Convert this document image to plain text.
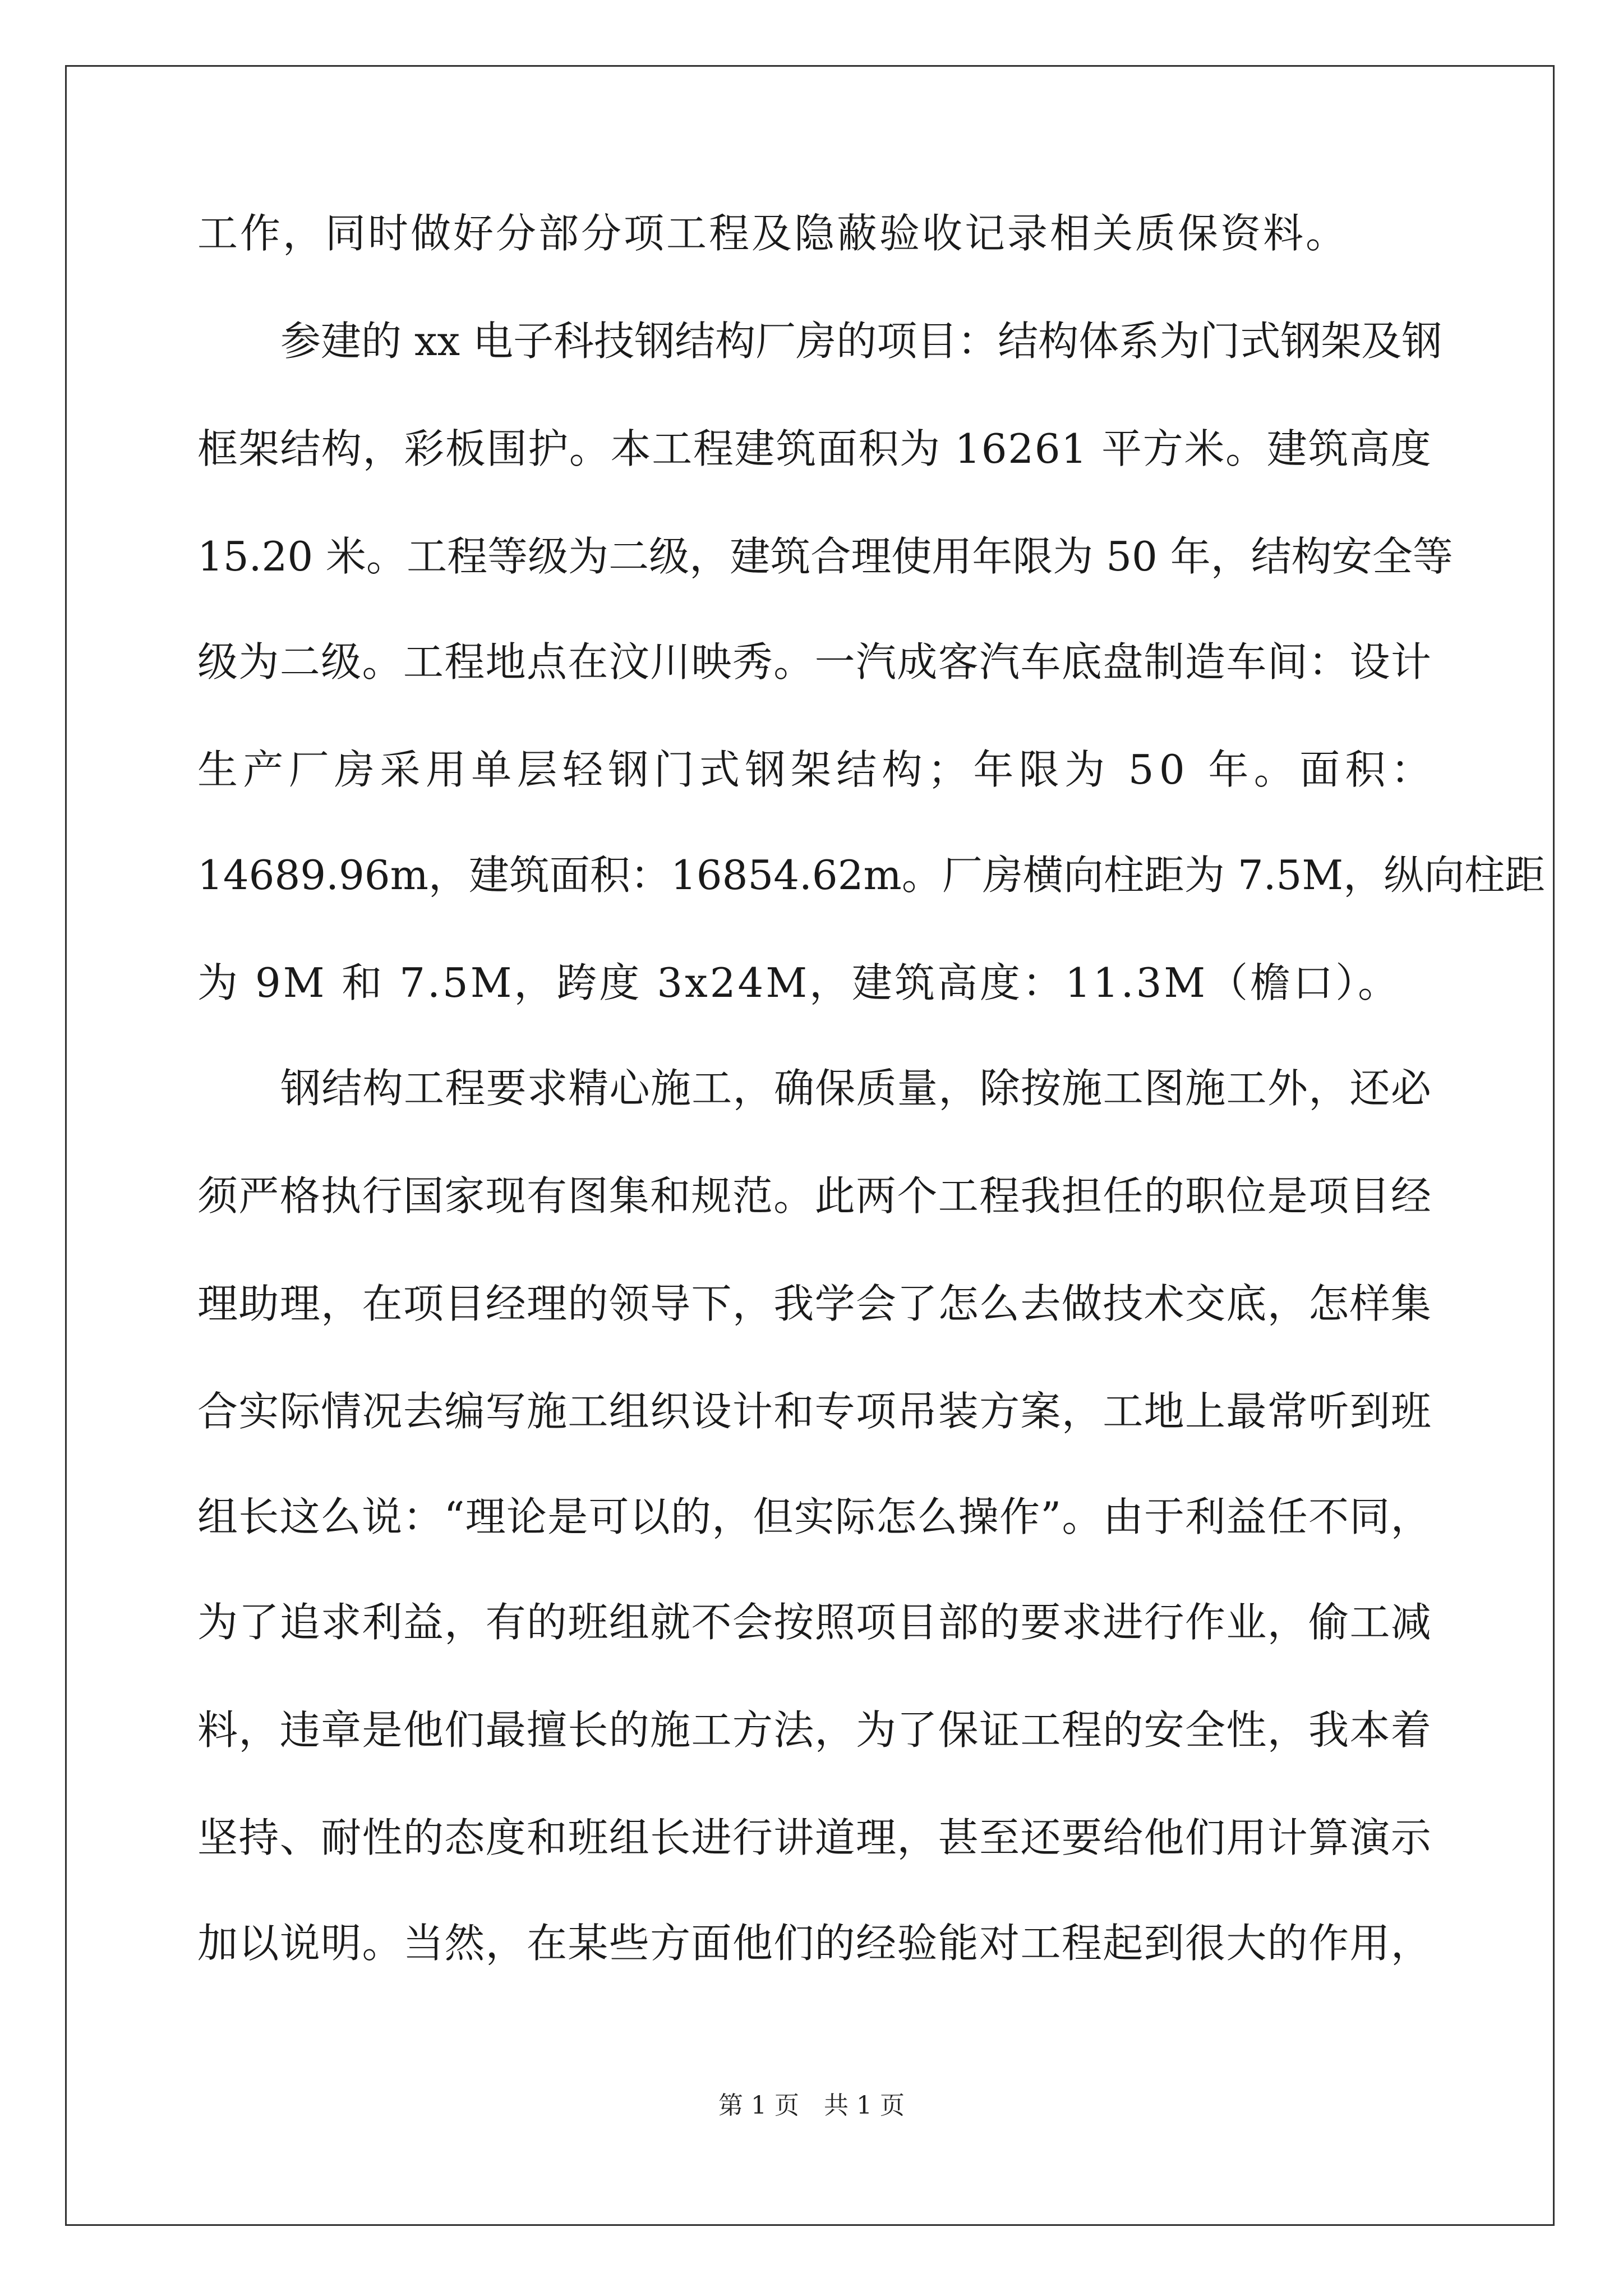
工作，同时做好分部分项工程及隐蔽验收记录相关质保资料。
参 建 的
x x
电 子 科 技 钢 结 构 厂 房 的 项 目 ： 结 构 体 系 为 门 式 钢 架 及 钢
框 架 结 构 ， 彩 板 围 护 。 本 工 程 建 筑 面 积 为
1 6 2 6 1
平 方 米 。 建 筑 高 度
1 5 . 2 0
米 。 工 程 等 级 为 二 级 ， 建 筑 合 理 使 用 年 限 为
5 0
年 ， 结 构 安 全 等
级 为 二 级 。 工 程 地 点 在 汶 川 映 秀 。 一 汽 成 客 汽 车 底 盘 制 造 车 间 ： 设 计
生 产 厂 房 采 用 单 层 轻 钢 门 式 钢 架 结 构 ； 年 限 为
5 0
年 。 面 积 ：
1 4 6 8 9 . 9 6 m ， 建 筑 面 积 ： 1 6 8 5 4 . 6 2 m 。 厂 房 横 向 柱 距 为
7 . 5 M ， 纵 向 柱 距
为 9M 和 7.5M，跨度 3x24M，建筑高度：11.3M（檐口）。
钢 结 构 工 程 要 求 精 心 施 工 ， 确 保 质 量 ， 除 按 施 工 图 施 工 外 ， 还 必
须 严 格 执 行 国 家 现 有 图 集 和 规 范 。 此 两 个 工 程 我 担 任 的 职 位 是 项 目 经
理 助 理 ， 在 项 目 经 理 的 领 导 下 ， 我 学 会 了 怎 么 去 做 技 术 交 底 ， 怎 样 集
合 实 际 情 况 去 编 写 施 工 组 织 设 计 和 专 项 吊 装 方 案 ， 工 地 上 最 常 听 到 班
组 长 这 么 说 ： “ 理 论 是 可 以 的 ， 但 实 际 怎 么 操 作 ” 。 由 于 利 益 任 不 同 ，
为 了 追 求 利 益 ， 有 的 班 组 就 不 会 按 照 项 目 部 的 要 求 进 行 作 业 ， 偷 工 减
料 ， 违 章 是 他 们 最 擅 长 的 施 工 方 法 ， 为 了 保 证 工 程 的 安 全 性 ， 我 本 着
坚 持 、 耐 性 的 态 度 和 班 组 长 进 行 讲 道 理 ， 甚 至 还 要 给 他 们 用 计 算 演 示
加 以 说 明 。 当 然 ， 在 某 些 方 面 他 们 的 经 验 能 对 工 程 起 到 很 大 的 作 用 ，
第 1 页　共 1 页
